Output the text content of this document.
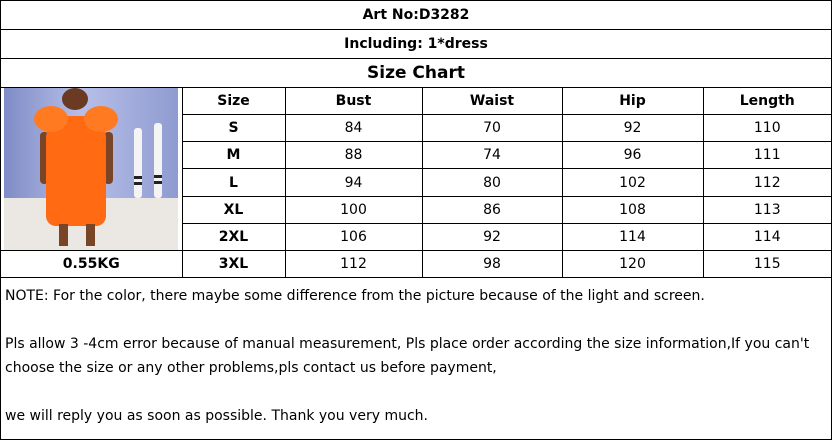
Art No:D3282
Including: 1*dress
Size Chart
	Size	Bust	Waist	Hip	Length
	S	84	70	92	110
	M	88	74	96	111
	L	94	80	102	112
	XL	100	86	108	113
	2XL	106	92	114	114
0.55KG	3XL	112	98	120	115

NOTE: For the color, there maybe some difference from the picture because of the light and screen.

Pls allow 3 -4cm error because of manual measurement, Pls place order according the size information,If you can't choose the size or any other problems,pls contact us before payment,

we will reply you as soon as possible. Thank you very much.
